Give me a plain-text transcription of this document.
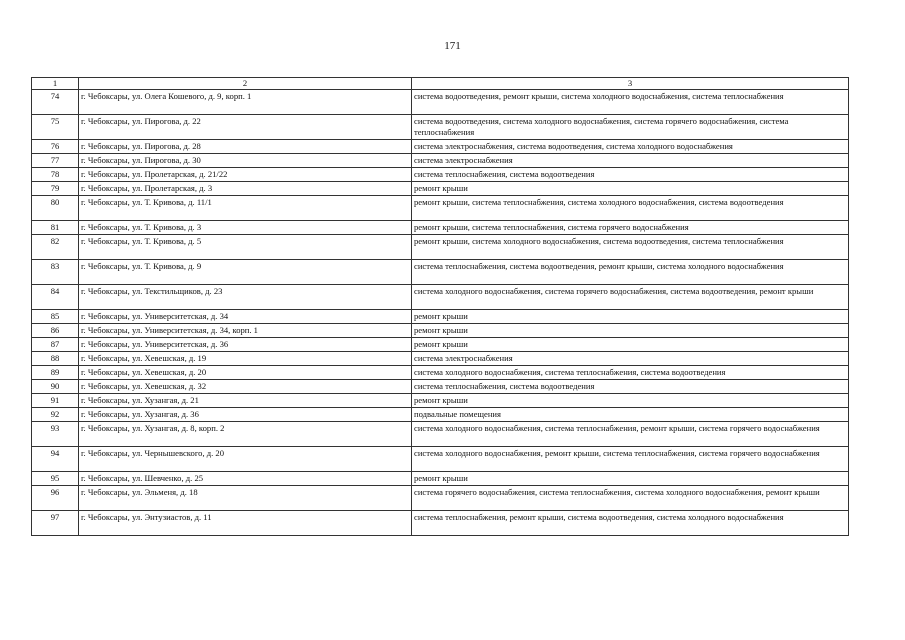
171
1	2	3
74	г. Чебоксары, ул. Олега Кошевого, д. 9, корп. 1	система водоотведения, ремонт крыши, система холодного водоснабжения, система теплоснабжения
75	г. Чебоксары, ул. Пирогова, д. 22	система водоотведения, система холодного водоснабжения, система горячего водоснабжения, система теплоснабжения
76	г. Чебоксары, ул. Пирогова, д. 28	система электроснабжения, система водоотведения, система холодного водоснабжения
77	г. Чебоксары, ул. Пирогова, д. 30	система электроснабжения
78	г. Чебоксары, ул. Пролетарская, д. 21/22	система теплоснабжения, система водоотведения
79	г. Чебоксары, ул. Пролетарская, д. 3	ремонт крыши
80	г. Чебоксары, ул. Т. Кривова, д. 11/1	ремонт крыши, система теплоснабжения, система холодного водоснабжения, система водоотведения
81	г. Чебоксары, ул. Т. Кривова, д. 3	ремонт крыши, система теплоснабжения, система горячего водоснабжения
82	г. Чебоксары, ул. Т. Кривова, д. 5	ремонт крыши, система холодного водоснабжения, система водоотведения, система теплоснабжения
83	г. Чебоксары, ул. Т. Кривова, д. 9	система теплоснабжения, система водоотведения, ремонт крыши, система холодного водоснабжения
84	г. Чебоксары, ул. Текстильщиков, д. 23	система холодного водоснабжения, система горячего водоснабжения, система водоотведения, ремонт крыши
85	г. Чебоксары, ул. Университетская, д. 34	ремонт крыши
86	г. Чебоксары, ул. Университетская, д. 34, корп. 1	ремонт крыши
87	г. Чебоксары, ул. Университетская, д. 36	ремонт крыши
88	г. Чебоксары, ул. Хевешская, д. 19	система электроснабжения
89	г. Чебоксары, ул. Хевешская, д. 20	система холодного водоснабжения, система теплоснабжения, система водоотведения
90	г. Чебоксары, ул. Хевешская, д. 32	система теплоснабжения, система водоотведения
91	г. Чебоксары, ул. Хузангая, д. 21	ремонт крыши
92	г. Чебоксары, ул. Хузангая, д. 36	подвальные помещения
93	г. Чебоксары, ул. Хузангая, д. 8, корп. 2	система холодного водоснабжения, система теплоснабжения, ремонт крыши, система горячего водоснабжения
94	г. Чебоксары, ул. Чернышевского, д. 20	система холодного водоснабжения, ремонт крыши, система теплоснабжения, система горячего водоснабжения
95	г. Чебоксары, ул. Шевченко, д. 25	ремонт крыши
96	г. Чебоксары, ул. Эльменя, д. 18	система горячего водоснабжения, система теплоснабжения, система холодного водоснабжения, ремонт крыши
97	г. Чебоксары, ул. Энтузиастов, д. 11	система теплоснабжения, ремонт крыши, система водоотведения, система холодного водоснабжения
